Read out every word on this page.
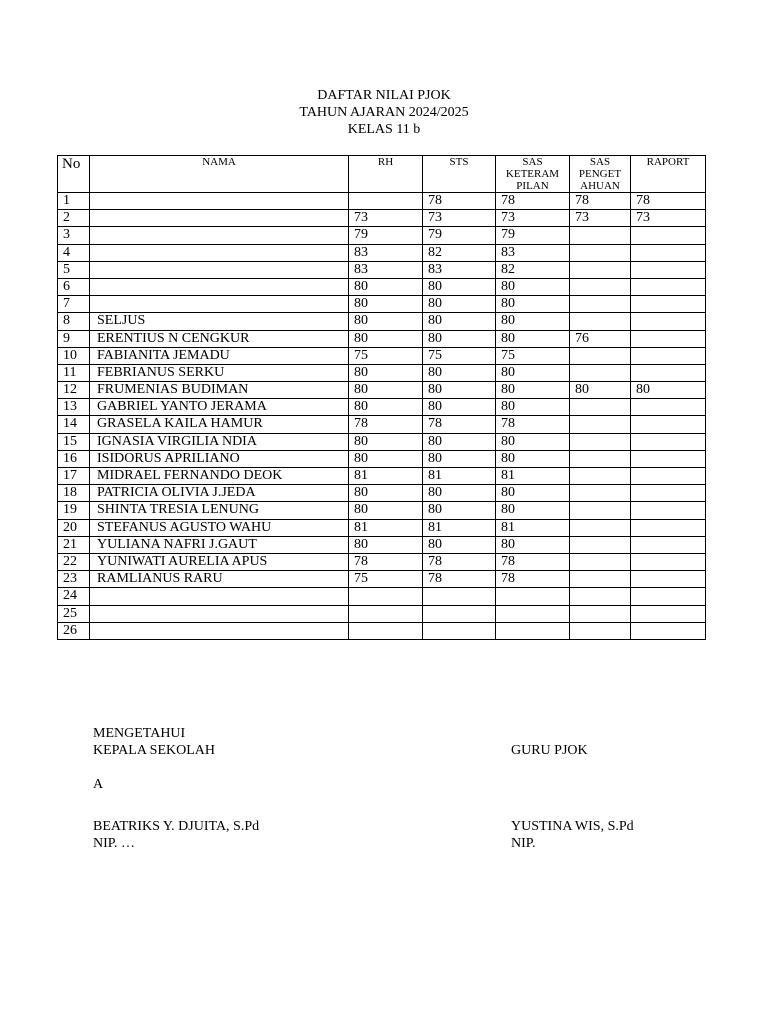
DAFTAR NILAI PJOK
TAHUN AJARAN 2024/2025
KELAS 11 b
No	NAMA	RH	STS	SAS
KETERAM
PILAN	SAS
PENGET
AHUAN	RAPORT
1			78	78	78	78
2		73	73	73	73	73
3		79	79	79		
4		83	82	83		
5		83	83	82		
6		80	80	80		
7		80	80	80		
8	SELJUS	80	80	80		
9	ERENTIUS N CENGKUR	80	80	80	76	
10	FABIANITA JEMADU	75	75	75		
11	FEBRIANUS SERKU	80	80	80		
12	FRUMENIAS BUDIMAN	80	80	80	80	80
13	GABRIEL YANTO JERAMA	80	80	80		
14	GRASELA KAILA HAMUR	78	78	78		
15	IGNASIA VIRGILIA NDIA	80	80	80		
16	ISIDORUS APRILIANO	80	80	80		
17	MIDRAEL FERNANDO DEOK	81	81	81		
18	PATRICIA OLIVIA J.JEDA	80	80	80		
19	SHINTA TRESIA LENUNG	80	80	80		
20	STEFANUS AGUSTO WAHU	81	81	81		
21	YULIANA NAFRI J.GAUT	80	80	80		
22	YUNIWATI AURELIA APUS	78	78	78		
23	RAMLIANUS RARU	75	78	78		
24						
25						
26						
MENGETAHUI
KEPALA SEKOLAH
A
BEATRIKS Y. DJUITA, S.Pd
NIP. …
GURU PJOK
YUSTINA WIS, S.Pd
NIP.
